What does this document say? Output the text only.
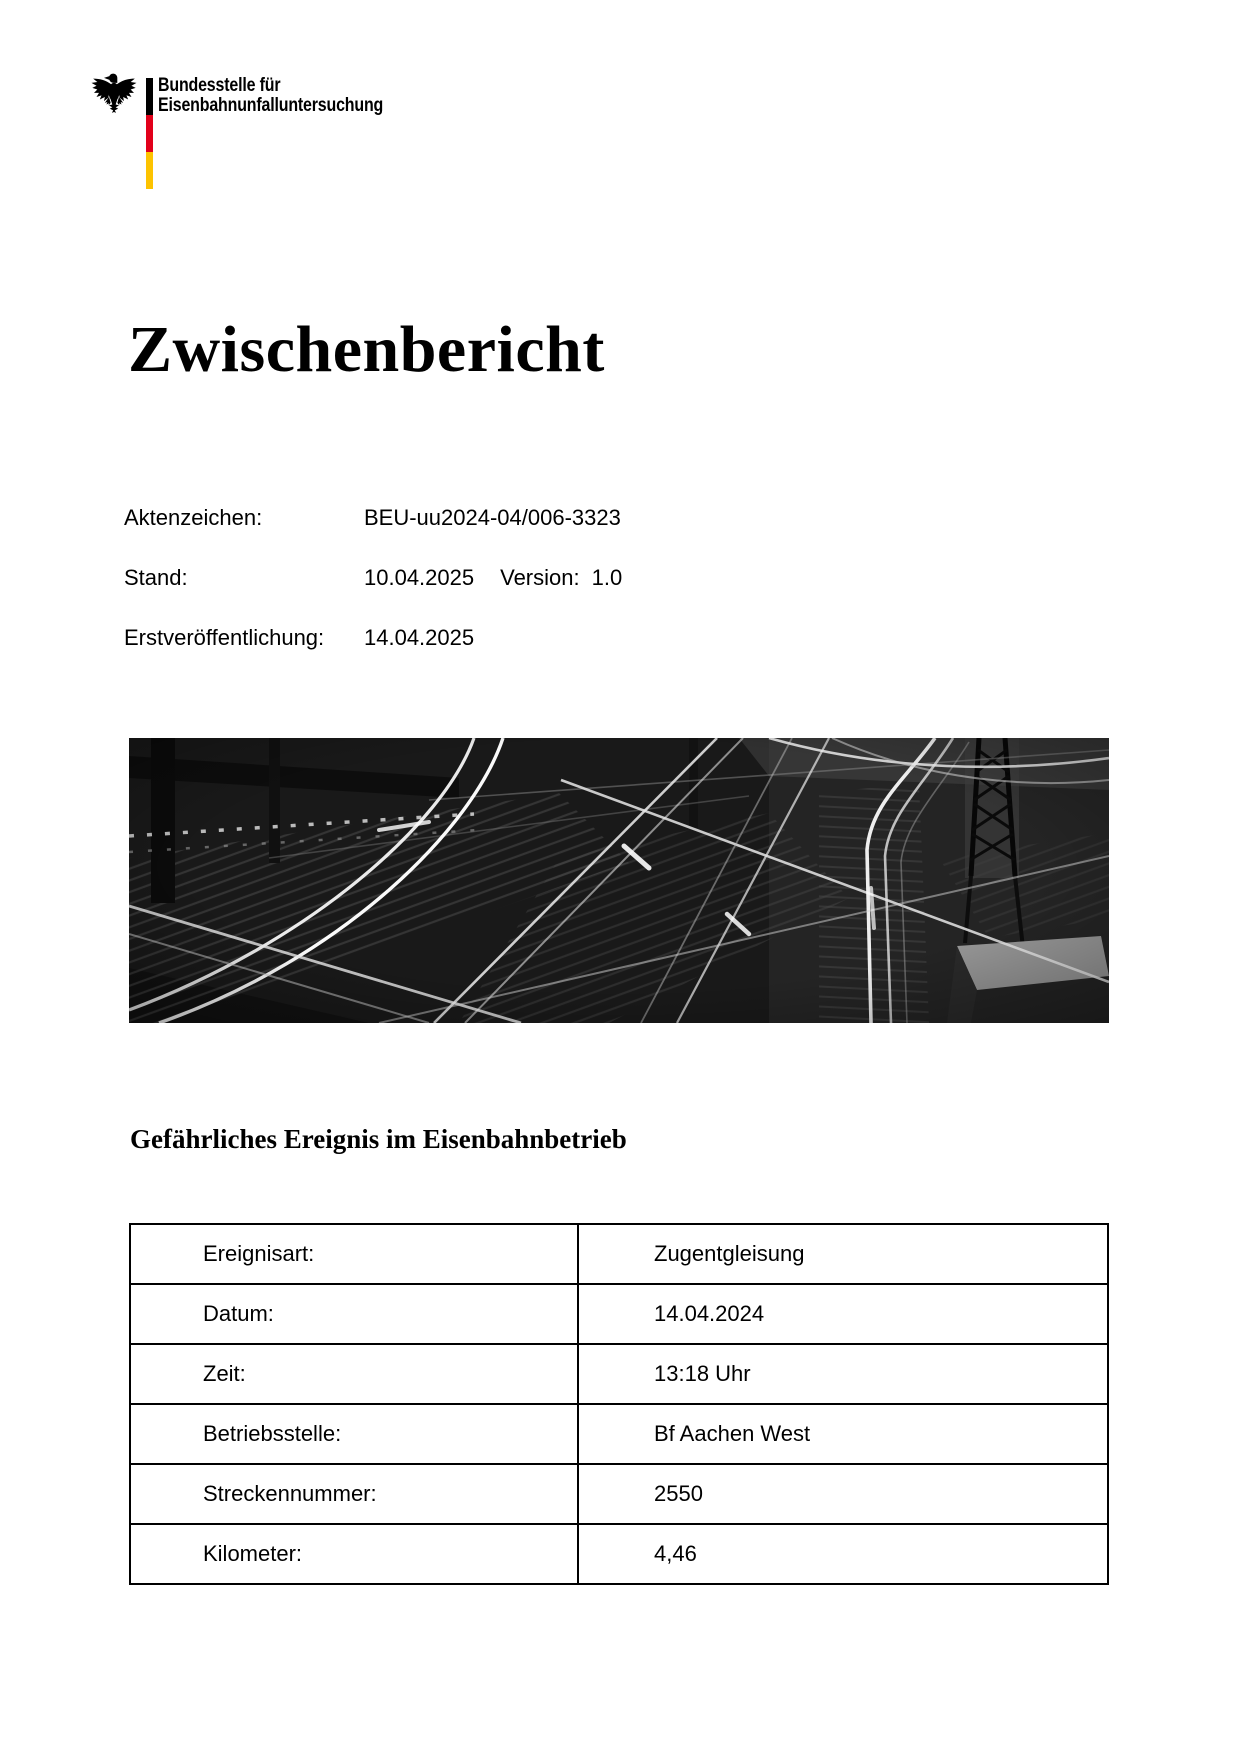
Bundesstelle für
Eisenbahnunfalluntersuchung
Zwischenbericht
Aktenzeichen:	BEU-uu2024-04/006-3323
Stand:	10.04.2025 Version: 1.0
Erstveröffentlichung:	14.04.2025
Gefährliches Ereignis im Eisenbahnbetrieb
Ereignisart:	Zugentgleisung
Datum:	14.04.2024
Zeit:	13:18 Uhr
Betriebsstelle:	Bf Aachen West
Streckennummer:	2550
Kilometer:	4,46
